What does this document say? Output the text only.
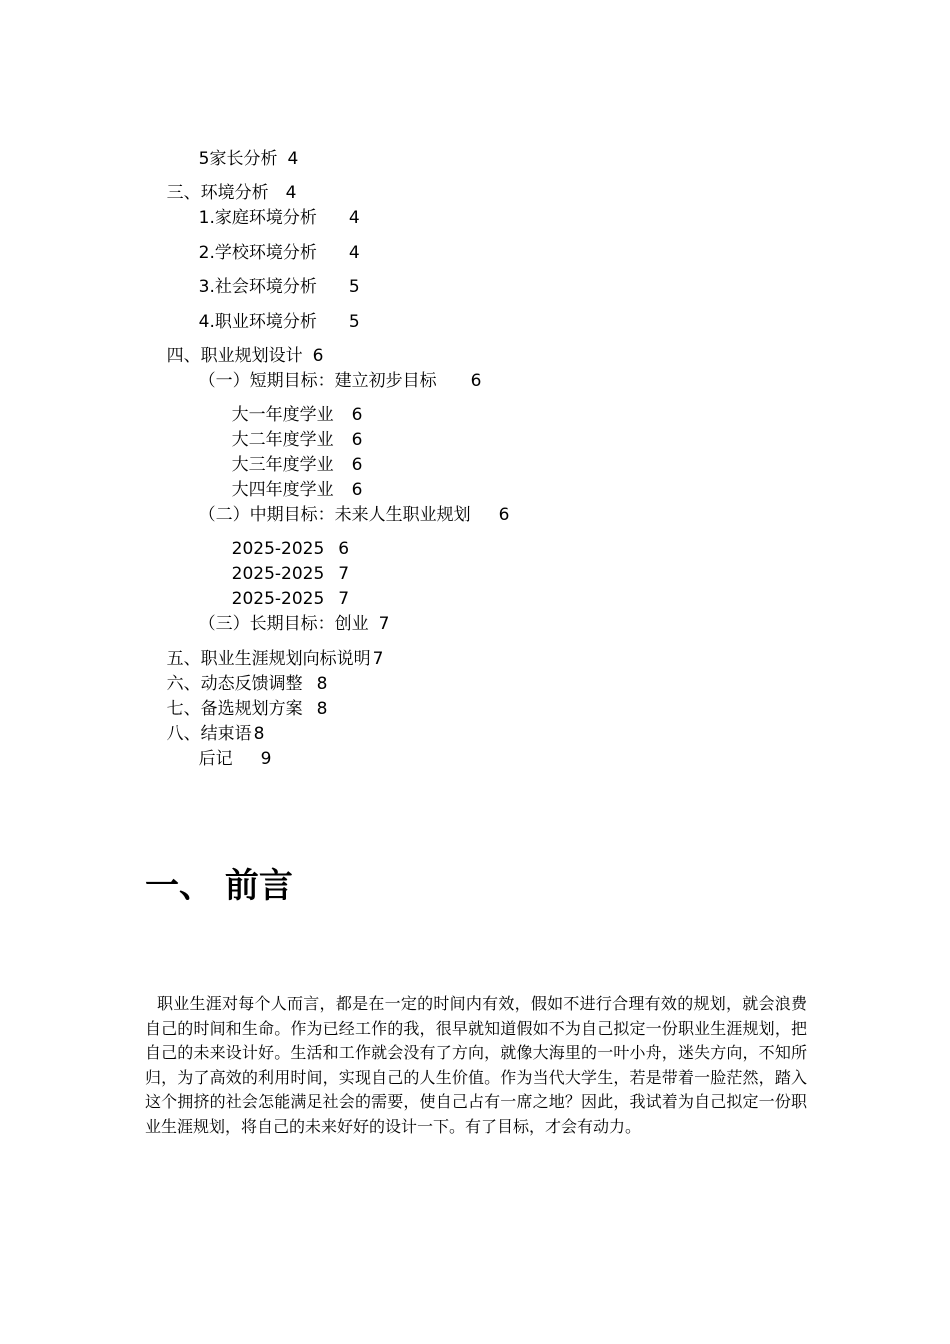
5家长分析 4

三、环境分析 4

1.家庭环境分析 4

2.学校环境分析 4

3.社会环境分析 5

4.职业环境分析 5

四、职业规划设计 6

（一）短期目标：建立初步目标 6

大一年度学业 6

大二年度学业 6

大三年度学业 6

大四年度学业 6

（二）中期目标：未来人生职业规划 6

2025-2025 6

2025-2025 7

2025-2025 7

（三）长期目标：创业 7

五、职业生涯规划向标说明 7

六、动态反馈调整 8

七、备选规划方案 8

八、结束语 8

后记 9

一、 前言

职业生涯对每个人而言，都是在一定的时间内有效，假如不进行合理有效的规划，就会浪费自己的时间和生命。作为已经工作的我，很早就知道假如不为自己拟定一份职业生涯规划，把自己的未来设计好。生活和工作就会没有了方向，就像大海里的一叶小舟，迷失方向，不知所归，为了高效的利用时间，实现自己的人生价值。作为当代大学生，若是带着一脸茫然，踏入这个拥挤的社会怎能满足社会的需要，使自己占有一席之地？因此，我试着为自己拟定一份职业生涯规划，将自己的未来好好的设计一下。有了目标，才会有动力。
